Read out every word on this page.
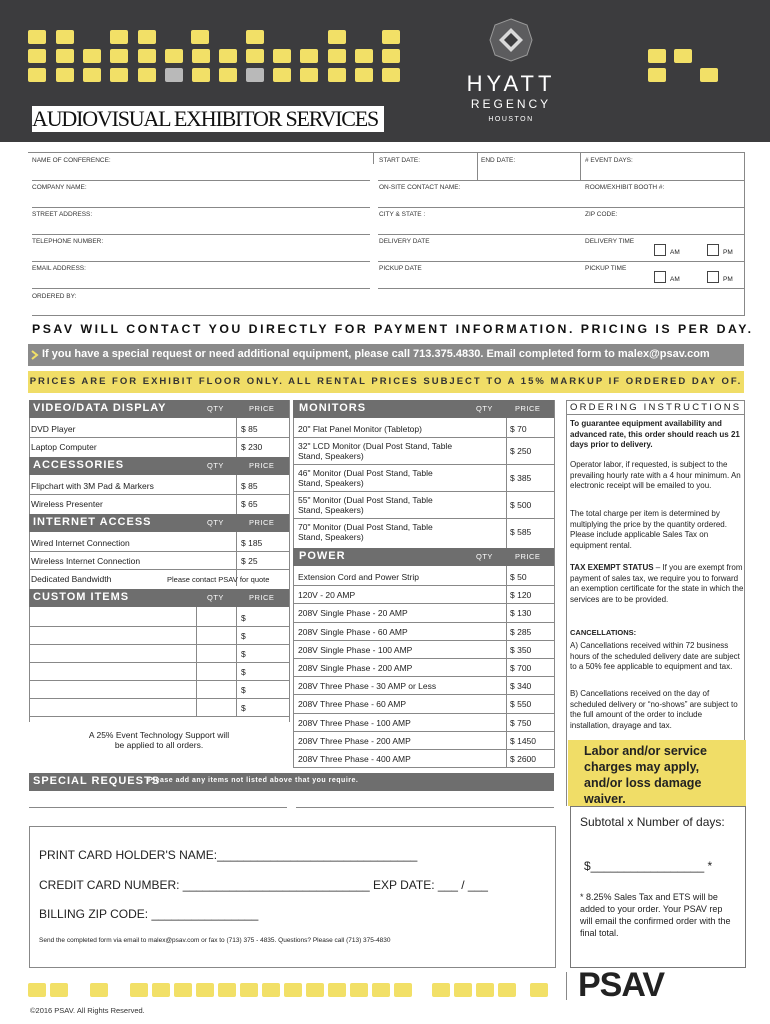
HYATT
REGENCY
HOUSTON
AUDIOVISUAL EXHIBITOR SERVICES
NAME OF CONFERENCE:	START DATE:	END DATE:	# EVENT DAYS:
COMPANY NAME:	ON-SITE CONTACT NAME:	ROOM/EXHIBIT BOOTH #:
STREET ADDRESS:	CITY & STATE :	ZIP CODE:
TELEPHONE NUMBER:	DELIVERY DATE	DELIVERY TIME
AM	PM
EMAIL ADDRESS:	PICKUP DATE	PICKUP TIME
AM	PM
ORDERED BY:
PSAV WILL CONTACT YOU DIRECTLY FOR PAYMENT INFORMATION. PRICING IS PER DAY.
If you have a special request or need additional equipment, please call 713.375.4830. Email completed form to malex@psav.com
PRICES ARE FOR EXHIBIT FLOOR ONLY. ALL RENTAL PRICES SUBJECT TO A 15% MARKUP IF ORDERED DAY OF.
VIDEO/DATA DISPLAY	QTY	PRICE
DVD Player	$ 85
Laptop Computer	$ 230
ACCESSORIES	QTY	PRICE
Flipchart with 3M Pad & Markers	$ 85
Wireless Presenter	$ 65
INTERNET ACCESS	QTY	PRICE
Wired Internet Connection	$ 185
Wireless Internet Connection	$ 25
Dedicated Bandwidth	Please contact PSAV for quote
CUSTOM ITEMS	QTY	PRICE
$
$
$
$
$
$
A 25% Event Technology Support will be applied to all orders.
MONITORS	QTY	PRICE
20" Flat Panel Monitor (Tabletop)	$ 70
32" LCD Monitor (Dual Post Stand, Table Stand, Speakers)	$ 250
46" Monitor (Dual Post Stand, Table Stand, Speakers)	$ 385
55" Monitor (Dual Post Stand, Table Stand, Speakers)	$ 500
70" Monitor (Dual Post Stand, Table Stand, Speakers)	$ 585
POWER	QTY	PRICE
Extension Cord and Power Strip	$ 50
120V - 20 AMP	$ 120
208V Single Phase - 20 AMP	$ 130
208V Single Phase - 60 AMP	$ 285
208V Single Phase - 100 AMP	$ 350
208V Single Phase - 200 AMP	$ 700
208V Three Phase - 30 AMP or Less	$ 340
208V Three Phase - 60 AMP	$ 550
208V Three Phase - 100 AMP	$ 750
208V Three Phase - 200 AMP	$ 1450
208V Three Phase - 400 AMP	$ 2600
SPECIAL REQUESTS
Please add any items not listed above that you require.
PRINT CARD HOLDER'S NAME:______________________________
CREDIT CARD NUMBER: ____________________________ EXP DATE: ___ / ___
BILLING ZIP CODE: ________________
Send the completed form via email to malex@psav.com or fax to (713) 375 - 4835. Questions? Please call (713) 375-4830
ORDERING INSTRUCTIONS
To guarantee equipment availability and advanced rate, this order should reach us 21 days prior to delivery.
Operator labor, if requested, is subject to the prevailing hourly rate with a 4 hour minimum. An electronic receipt will be emailed to you.
The total charge per item is determined by multiplying the price by the quantity ordered. Please include applicable Sales Tax on equipment rental.
TAX EXEMPT STATUS – If you are exempt from payment of sales tax, we require you to forward an exemption certificate for the state in which the services are to be provided.
CANCELLATIONS:
A) Cancellations received within 72 business hours of the scheduled delivery date are subject to a 50% fee applicable to equipment and tax.
B) Cancellations received on the day of scheduled delivery or “no-shows” are subject to the full amount of the order to include installation, drayage and tax.
Labor and/or service charges may apply, and/or loss damage waiver.
Subtotal x Number of days:
$_________________ *
* 8.25% Sales Tax and ETS will be added to your order. Your PSAV rep will email the confirmed order with the final total.
PSAV
©2016 PSAV. All Rights Reserved.
